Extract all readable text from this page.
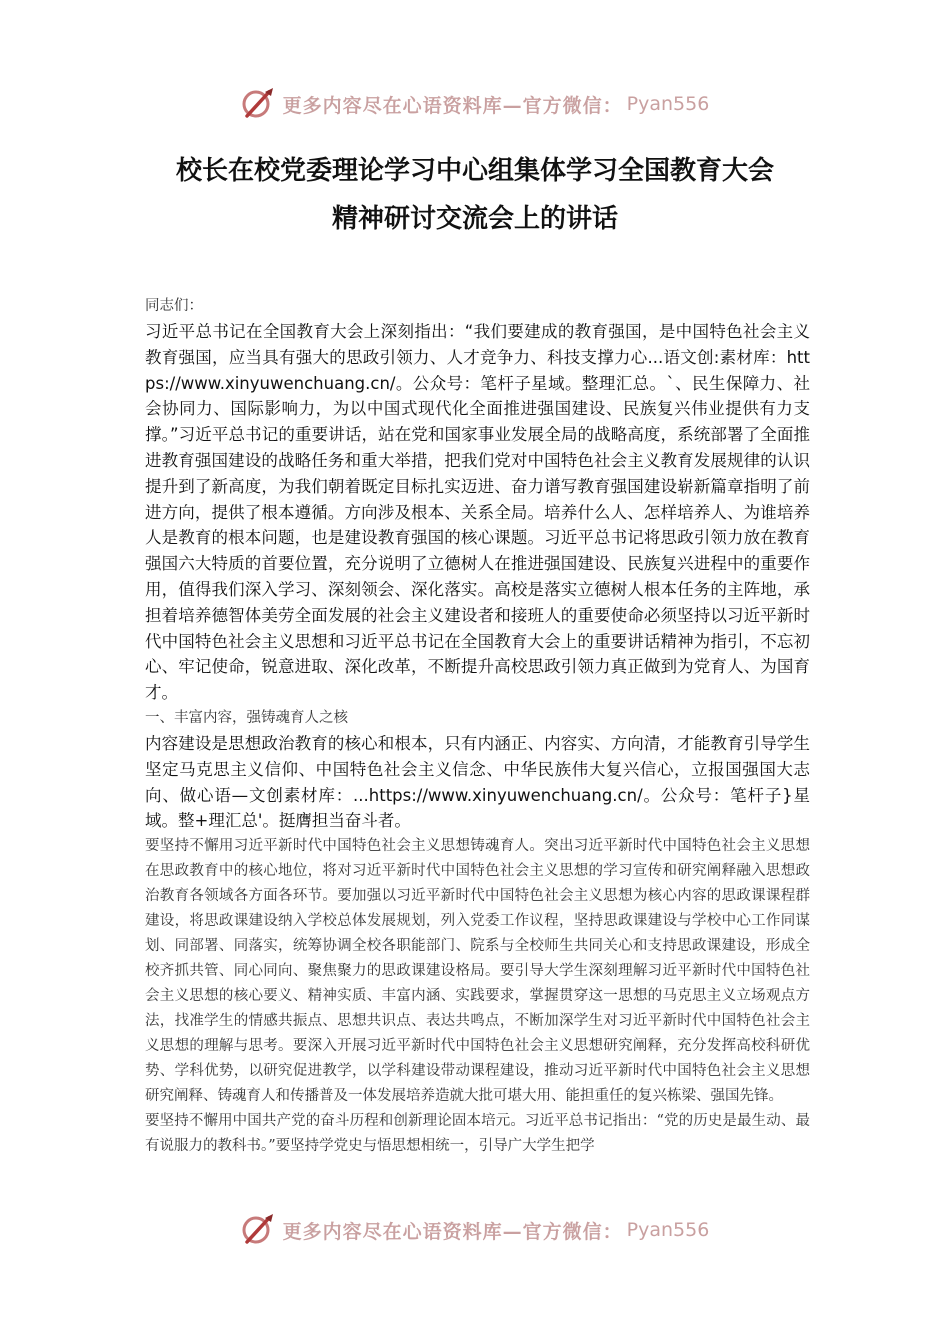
更多内容尽在心语资料库—官方微信： Pyan556
校长在校党委理论学习中心组集体学习全国教育大会
精神研讨交流会上的讲话

同志们：

习近平总书记在全国教育大会上深刻指出：“我们要建成的教育强国，是中国特色社会主义教育强国，应当具有强大的思政引领力、人才竞争力、科技支撑力心...语文创:素材库：https://www.xinyuwenchuang.cn/。公众号：笔杆子星域。整理汇总。`、民生保障力、社会协同力、国际影响力，为以中国式现代化全面推进强国建设、民族复兴伟业提供有力支撑。”习近平总书记的重要讲话，站在党和国家事业发展全局的战略高度，系统部署了全面推进教育强国建设的战略任务和重大举措，把我们党对中国特色社会主义教育发展规律的认识提升到了新高度，为我们朝着既定目标扎实迈进、奋力谱写教育强国建设崭新篇章指明了前进方向，提供了根本遵循。方向涉及根本、关系全局。培养什么人、怎样培养人、为谁培养人是教育的根本问题，也是建设教育强国的核心课题。习近平总书记将思政引领力放在教育强国六大特质的首要位置，充分说明了立德树人在推进强国建设、民族复兴进程中的重要作用，值得我们深入学习、深刻领会、深化落实。高校是落实立德树人根本任务的主阵地，承担着培养德智体美劳全面发展的社会主义建设者和接班人的重要使命必须坚持以习近平新时代中国特色社会主义思想和习近平总书记在全国教育大会上的重要讲话精神为指引，不忘初心、牢记使命，锐意进取、深化改革，不断提升高校思政引领力真正做到为党育人、为国育才。

一、丰富内容，强铸魂育人之核

内容建设是思想政治教育的核心和根本，只有内涵正、内容实、方向清，才能教育引导学生坚定马克思主义信仰、中国特色社会主义信念、中华民族伟大复兴信心，立报国强国大志向、做心语—文创素材库：...https://www.xinyuwenchuang.cn/。公众号：笔杆子}星域。整+理汇总'。挺膺担当奋斗者。

要坚持不懈用习近平新时代中国特色社会主义思想铸魂育人。突出习近平新时代中国特色社会主义思想在思政教育中的核心地位，将对习近平新时代中国特色社会主义思想的学习宣传和研究阐释融入思想政治教育各领域各方面各环节。要加强以习近平新时代中国特色社会主义思想为核心内容的思政课课程群建设，将思政课建设纳入学校总体发展规划，列入党委工作议程，坚持思政课建设与学校中心工作同谋划、同部署、同落实，统筹协调全校各职能部门、院系与全校师生共同关心和支持思政课建设，形成全校齐抓共管、同心同向、聚焦聚力的思政课建设格局。要引导大学生深刻理解习近平新时代中国特色社会主义思想的核心要义、精神实质、丰富内涵、实践要求，掌握贯穿这一思想的马克思主义立场观点方法，找准学生的情感共振点、思想共识点、表达共鸣点，不断加深学生对习近平新时代中国特色社会主义思想的理解与思考。要深入开展习近平新时代中国特色社会主义思想研究阐释，充分发挥高校科研优势、学科优势，以研究促进教学，以学科建设带动课程建设，推动习近平新时代中国特色社会主义思想研究阐释、铸魂育人和传播普及一体发展培养造就大批可堪大用、能担重任的复兴栋梁、强国先锋。

要坚持不懈用中国共产党的奋斗历程和创新理论固本培元。习近平总书记指出：“党的历史是最生动、最有说服力的教科书。”要坚持学党史与悟思想相统一，引导广大学生把学

更多内容尽在心语资料库—官方微信： Pyan556
